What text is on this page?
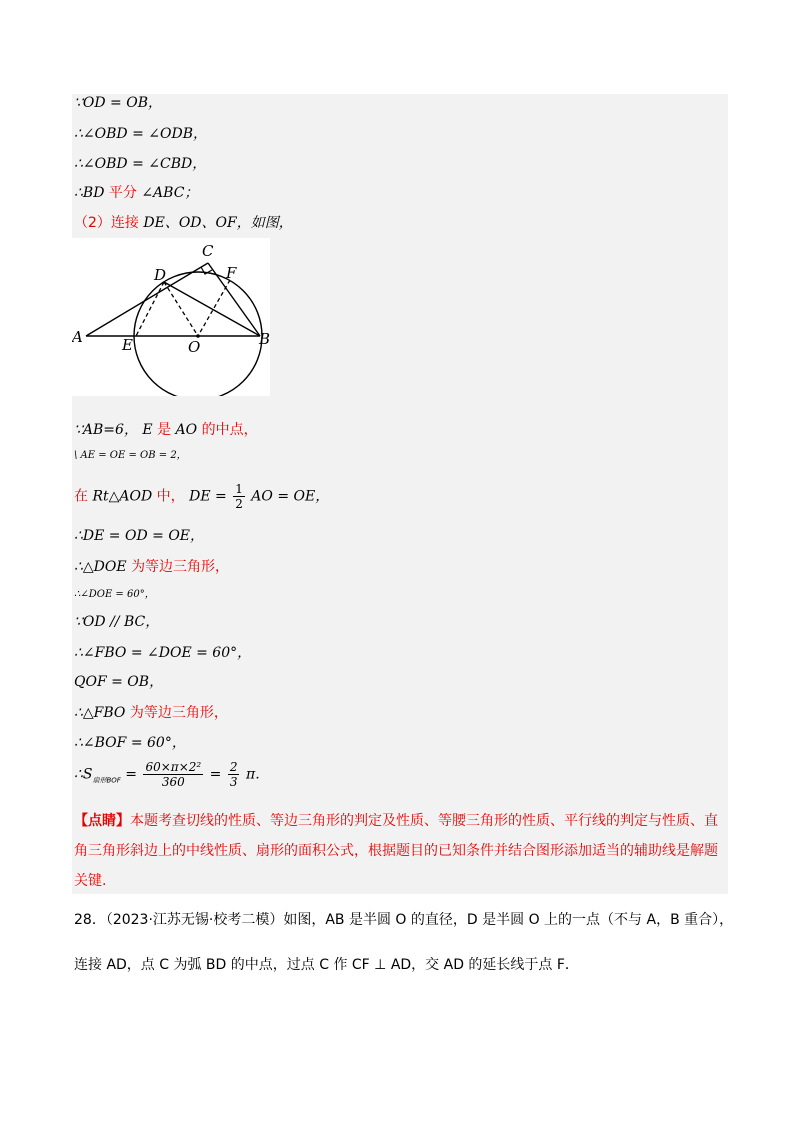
∵OD = OB，
∴∠OBD = ∠ODB，
∴∠OBD = ∠CBD，
∴BD 平分 ∠ABC；
（2）连接 DE、OD、OF，如图，
C
D	F
A	E	O	B
∵AB=6， E 是 AO 的中点，
\ AE = OE = OB = 2，
在 Rt△AOD 中， DE = $\frac{1}{2}$ AO = OE，
∴DE = OD = OE，
∴△DOE 为等边三角形，
∴∠DOE = 60°，
∵OD // BC，
∴∠FBO = ∠DOE = 60°，
QOF = OB，
∴△FBO 为等边三角形，
∴∠BOF = 60°，
$\therefore S_{扇形BOF} = \frac{\text{60×π×2²}}{360} = \frac{2}{3}$ π．
【点睛】本题考查切线的性质、等边三角形的判定及性质、等腰三角形的性质、平行线的判定与性质、直角三角形斜边上的中线性质、扇形的面积公式，根据题目的已知条件并结合图形添加适当的辅助线是解题关键.
28．（2023·江苏无锡·校考二模）如图，AB 是半圆 O 的直径，D 是半圆 O 上的一点（不与 A，B 重合），
连接 AD，点 C 为弧 BD 的中点，过点 C 作 CF ⊥ AD，交 AD 的延长线于点 F．
